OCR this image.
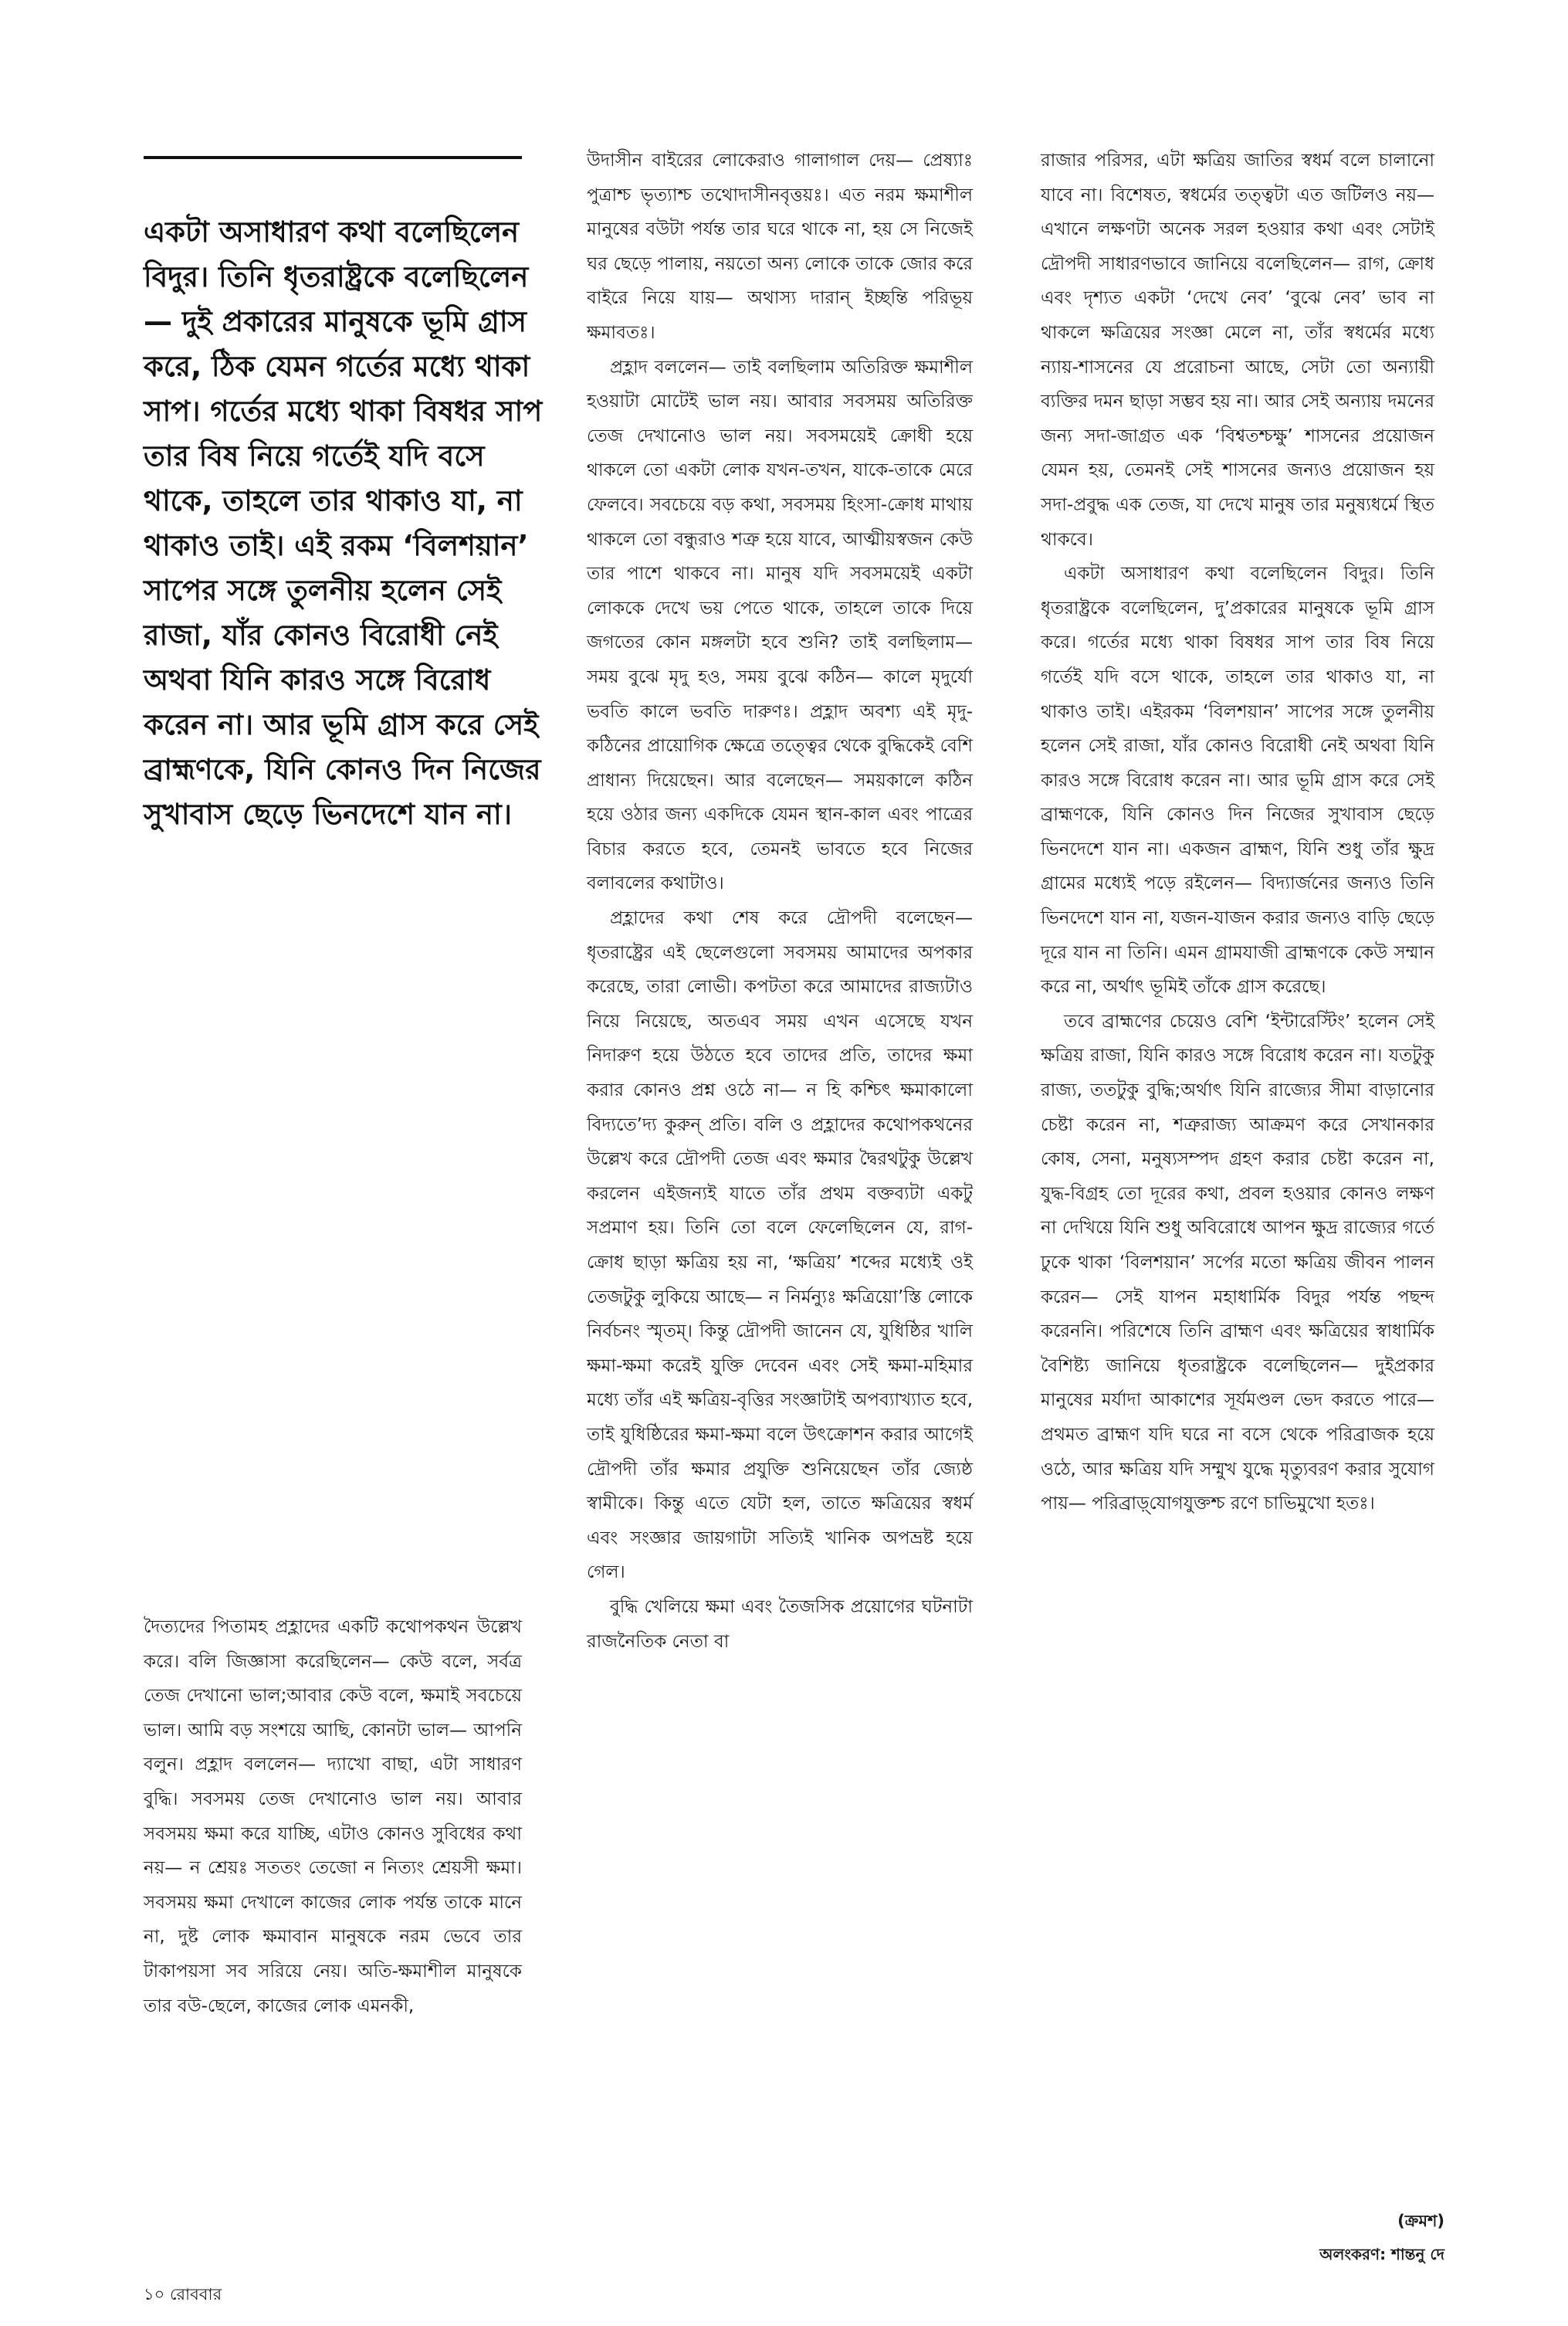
একটা অসাধারণ কথা বলেছিলেন বিদুর। তিনি ধৃতরাষ্ট্রকে বলেছিলেন— দুই প্রকারের মানুষকে ভূমি গ্রাস করে, ঠিক যেমন গর্তের মধ্যে থাকা সাপ। গর্তের মধ্যে থাকা বিষধর সাপ তার বিষ নিয়ে গর্তেই যদি বসে থাকে, তাহলে তার থাকাও যা, না থাকাও তাই। এই রকম ‘বিলশয়ান’ সাপের সঙ্গে তুলনীয় হলেন সেই রাজা, যাঁর কোনও বিরোধী নেই অথবা যিনি কারও সঙ্গে বিরোধ করেন না। আর ভূমি গ্রাস করে সেই ব্রাহ্মণকে, যিনি কোনও দিন নিজের সুখাবাস ছেড়ে ভিনদেশে যান না।

দৈত্যদের পিতামহ প্রহ্লাদের একটি কথোপকথন উল্লেখ করে। বলি জিজ্ঞাসা করেছিলেন— কেউ বলে, সর্বত্র তেজ দেখানো ভাল;আবার কেউ বলে, ক্ষমাই সবচেয়ে ভাল। আমি বড় সংশয়ে আছি, কোনটা ভাল— আপনি বলুন। প্রহ্লাদ বললেন— দ্যাখো বাছা, এটা সাধারণ বুদ্ধি। সবসময় তেজ দেখানোও ভাল নয়। আবার সবসময় ক্ষমা করে যাচ্ছি, এটাও কোনও সুবিধের কথা নয়— ন শ্রেয়ঃ সততং তেজো ন নিত্যং শ্রেয়সী ক্ষমা। সবসময় ক্ষমা দেখালে কাজের লোক পর্যন্ত তাকে মানে না, দুষ্ট লোক ক্ষমাবান মানুষকে নরম ভেবে তার টাকাপয়সা সব সরিয়ে নেয়। অতি-ক্ষমাশীল মানুষকে তার বউ-ছেলে, কাজের লোক এমনকী,

উদাসীন বাইরের লোকেরাও গালাগাল দেয়— প্রেষ্যাঃ পুত্রাশ্চ ভৃত্যাশ্চ তথোদাসীনবৃত্তয়ঃ। এত নরম ক্ষমাশীল মানুষের বউটা পর্যন্ত তার ঘরে থাকে না, হয় সে নিজেই ঘর ছেড়ে পালায়, নয়তো অন্য লোকে তাকে জোর করে বাইরে নিয়ে যায়— অথাস্য দারান্ ইচ্ছন্তি পরিভূয় ক্ষমাবতঃ।

প্রহ্লাদ বললেন— তাই বলছিলাম অতিরিক্ত ক্ষমাশীল হওয়াটা মোটেই ভাল নয়। আবার সবসময় অতিরিক্ত তেজ দেখানোও ভাল নয়। সবসময়েই ক্রোধী হয়ে থাকলে তো একটা লোক যখন-তখন, যাকে-তাকে মেরে ফেলবে। সবচেয়ে বড় কথা, সবসময় হিংসা-ক্রোধ মাথায় থাকলে তো বন্ধুরাও শত্রু হয়ে যাবে, আত্মীয়স্বজন কেউ তার পাশে থাকবে না। মানুষ যদি সবসময়েই একটা লোককে দেখে ভয় পেতে থাকে, তাহলে তাকে দিয়ে জগতের কোন মঙ্গলটা হবে শুনি? তাই বলছিলাম— সময় বুঝে মৃদু হও, সময় বুঝে কঠিন— কালে মৃদুর্যো ভবতি কালে ভবতি দারুণঃ। প্রহ্লাদ অবশ্য এই মৃদু-কঠিনের প্রায়োগিক ক্ষেত্রে তত্ত্বের থেকে বুদ্ধিকেই বেশি প্রাধান্য দিয়েছেন। আর বলেছেন— সময়কালে কঠিন হয়ে ওঠার জন্য একদিকে যেমন স্থান-কাল এবং পাত্রের বিচার করতে হবে, তেমনই ভাবতে হবে নিজের বলাবলের কথাটাও।

প্রহ্লাদের কথা শেষ করে দ্রৌপদী বলেছেন— ধৃতরাষ্ট্রের এই ছেলেগুলো সবসময় আমাদের অপকার করেছে, তারা লোভী। কপটতা করে আমাদের রাজ্যটাও নিয়ে নিয়েছে, অতএব সময় এখন এসেছে যখন নিদারুণ হয়ে উঠতে হবে তাদের প্রতি, তাদের ক্ষমা করার কোনও প্রশ্ন ওঠে না— ন হি কশ্চিৎ ক্ষমাকালো বিদ্যতে’দ্য কুরুন্ প্রতি। বলি ও প্রহ্লাদের কথোপকথনের উল্লেখ করে দ্রৌপদী তেজ এবং ক্ষমার দ্বৈরথটুকু উল্লেখ করলেন এইজন্যই যাতে তাঁর প্রথম বক্তব্যটা একটু সপ্রমাণ হয়। তিনি তো বলে ফেলেছিলেন যে, রাগ-ক্রোধ ছাড়া ক্ষত্রিয় হয় না, ‘ক্ষত্রিয়’ শব্দের মধ্যেই ওই তেজটুকু লুকিয়ে আছে— ন নির্মন্যুঃ ক্ষত্রিয়ো’স্তি লোকে নির্বচনং স্মৃতম্। কিন্তু দ্রৌপদী জানেন যে, যুধিষ্ঠির খালি ক্ষমা-ক্ষমা করেই যুক্তি দেবেন এবং সেই ক্ষমা-মহিমার মধ্যে তাঁর এই ক্ষত্রিয়-বৃত্তির সংজ্ঞাটাই অপব্যাখ্যাত হবে, তাই যুধিষ্ঠিরের ক্ষমা-ক্ষমা বলে উৎক্রোশন করার আগেই দ্রৌপদী তাঁর ক্ষমার প্রযুক্তি শুনিয়েছেন তাঁর জ্যেষ্ঠ স্বামীকে। কিন্তু এতে যেটা হল, তাতে ক্ষত্রিয়ের স্বধর্ম এবং সংজ্ঞার জায়গাটা সত্যিই খানিক অপভ্রষ্ট হয়ে গেল।

বুদ্ধি খেলিয়ে ক্ষমা এবং তৈজসিক প্রয়োগের ঘটনাটা রাজনৈতিক নেতা বা

রাজার পরিসর, এটা ক্ষত্রিয় জাতির স্বধর্ম বলে চালানো যাবে না। বিশেষত, স্বধর্মের তত্ত্বটা এত জটিলও নয়— এখানে লক্ষণটা অনেক সরল হওয়ার কথা এবং সেটাই দ্রৌপদী সাধারণভাবে জানিয়ে বলেছিলেন— রাগ, ক্রোধ এবং দৃশ্যত একটা ‘দেখে নেব’ ‘বুঝে নেব’ ভাব না থাকলে ক্ষত্রিয়ের সংজ্ঞা মেলে না, তাঁর স্বধর্মের মধ্যে ন্যায়-শাসনের যে প্ররোচনা আছে, সেটা তো অন্যায়ী ব্যক্তির দমন ছাড়া সম্ভব হয় না। আর সেই অন্যায় দমনের জন্য সদা-জাগ্রত এক ‘বিশ্বতশ্চক্ষু’ শাসনের প্রয়োজন যেমন হয়, তেমনই সেই শাসনের জন্যও প্রয়োজন হয় সদা-প্রবুদ্ধ এক তেজ, যা দেখে মানুষ তার মনুষ্যধর্মে স্থিত থাকবে।

একটা অসাধারণ কথা বলেছিলেন বিদুর। তিনি ধৃতরাষ্ট্রকে বলেছিলেন, দু’প্রকারের মানুষকে ভূমি গ্রাস করে। গর্তের মধ্যে থাকা বিষধর সাপ তার বিষ নিয়ে গর্তেই যদি বসে থাকে, তাহলে তার থাকাও যা, না থাকাও তাই। এইরকম ‘বিলশয়ান’ সাপের সঙ্গে তুলনীয় হলেন সেই রাজা, যাঁর কোনও বিরোধী নেই অথবা যিনি কারও সঙ্গে বিরোধ করেন না। আর ভূমি গ্রাস করে সেই ব্রাহ্মণকে, যিনি কোনও দিন নিজের সুখাবাস ছেড়ে ভিনদেশে যান না। একজন ব্রাহ্মণ, যিনি শুধু তাঁর ক্ষুদ্র গ্রামের মধ্যেই পড়ে রইলেন— বিদ্যার্জনের জন্যও তিনি ভিনদেশে যান না, যজন-যাজন করার জন্যও বাড়ি ছেড়ে দূরে যান না তিনি। এমন গ্রামযাজী ব্রাহ্মণকে কেউ সম্মান করে না, অর্থাৎ ভূমিই তাঁকে গ্রাস করেছে।

তবে ব্রাহ্মণের চেয়েও বেশি ‘ইন্টারেস্টিং’ হলেন সেই ক্ষত্রিয় রাজা, যিনি কারও সঙ্গে বিরোধ করেন না। যতটুকু রাজ্য, ততটুকু বুদ্ধি;অর্থাৎ যিনি রাজ্যের সীমা বাড়ানোর চেষ্টা করেন না, শত্রুরাজ্য আক্রমণ করে সেখানকার কোষ, সেনা, মনুষ্যসম্পদ গ্রহণ করার চেষ্টা করেন না, যুদ্ধ-বিগ্রহ তো দূরের কথা, প্রবল হওয়ার কোনও লক্ষণ না দেখিয়ে যিনি শুধু অবিরোধে আপন ক্ষুদ্র রাজ্যের গর্তে ঢুকে থাকা ‘বিলশয়ান’ সর্পের মতো ক্ষত্রিয় জীবন পালন করেন— সেই যাপন মহাধার্মিক বিদুর পর্যন্ত পছন্দ করেননি। পরিশেষে তিনি ব্রাহ্মণ এবং ক্ষত্রিয়ের স্বাধার্মিক বৈশিষ্ট্য জানিয়ে ধৃতরাষ্ট্রকে বলেছিলেন— দুইপ্রকার মানুষের মর্যাদা আকাশের সূর্যমণ্ডল ভেদ করতে পারে— প্রথমত ব্রাহ্মণ যদি ঘরে না বসে থেকে পরিব্রাজক হয়ে ওঠে, আর ক্ষত্রিয় যদি সম্মুখ যুদ্ধে মৃত্যুবরণ করার সুযোগ পায়— পরিব্রাড়্‌যোগযুক্তশ্চ রণে চাভিমুখো হতঃ।

(ক্রমশ)

অলংকরণ: শান্তনু দে

১০ রোববার
